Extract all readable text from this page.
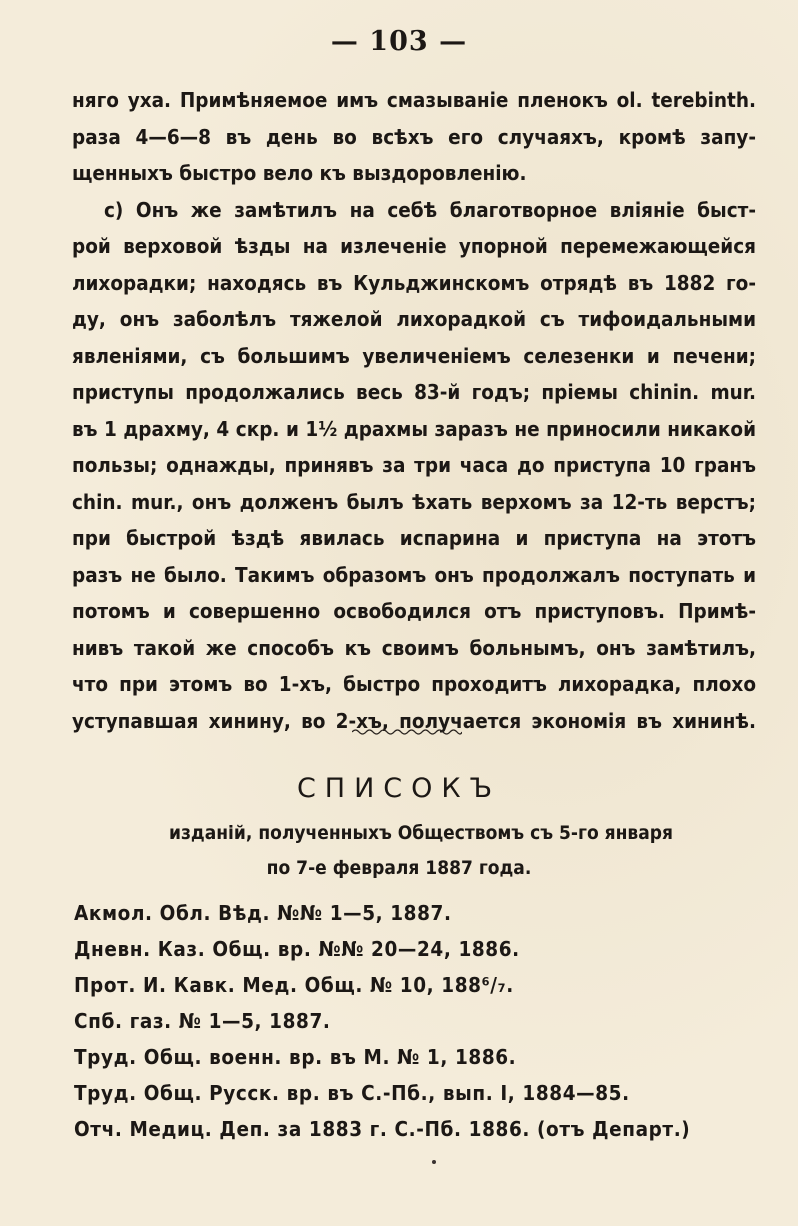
— 103 —
няго уха. Примѣняемое имъ смазыванiе пленокъ ol. terebinth.
раза 4—6—8 въ день во всѣхъ его случаяхъ, кромѣ запу-
щенныхъ быстро вело къ выздоровленiю.
c) Онъ же замѣтилъ на себѣ благотворное влiянiе быст-
рой верховой ѣзды на излеченiе упорной перемежающейся
лихорадки; находясь въ Кульджинскомъ отрядѣ въ 1882 го-
ду, онъ заболѣлъ тяжелой лихорадкой съ тифоидальными
явленiями, съ большимъ увеличенiемъ селезенки и печени;
приступы продолжались весь 83-й годъ; прiемы chinin. mur.
въ 1 драхму, 4 скр. и 1½ драхмы заразъ не приносили никакой
пользы; однажды, принявъ за три часа до приступа 10 гранъ
chin. mur., онъ долженъ былъ ѣхать верхомъ за 12-ть верстъ;
при быстрой ѣздѣ явилась испарина и приступа на этотъ
разъ не было. Такимъ образомъ онъ продолжалъ поступать и
потомъ и совершенно освободился отъ приступовъ. Примѣ-
нивъ такой же способъ къ своимъ больнымъ, онъ замѣтилъ,
что при этомъ во 1-хъ, быстро проходитъ лихорадка, плохо
уступавшая хинину, во 2-хъ, получается экономiя въ хининѣ.
СПИСОКЪ
изданiй, полученныхъ Обществомъ съ 5-го января
по 7-е февраля 1887 года.
Акмол. Обл. Вѣд. №№ 1—5, 1887.
Дневн. Каз. Общ. вр. №№ 20—24, 1886.
Прот. И. Кавк. Мед. Общ. № 10, 188⁶/₇.
Спб. газ. № 1—5, 1887.
Труд. Общ. военн. вр. въ М. № 1, 1886.
Труд. Общ. Русск. вр. въ С.-Пб., вып. I, 1884—85.
Отч. Медиц. Деп. за 1883 г. С.-Пб. 1886. (отъ Департ.)
